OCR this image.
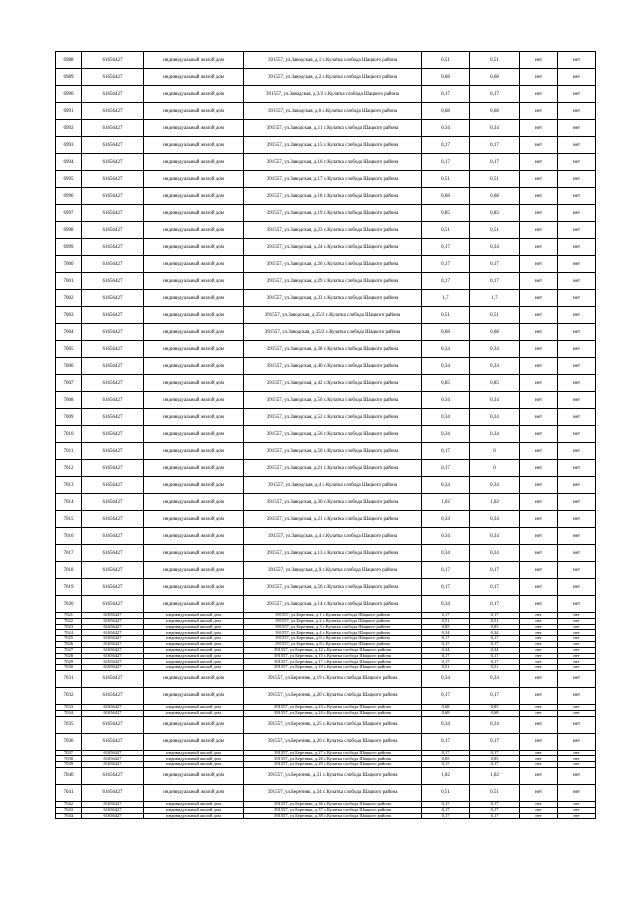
6988	61656427	индивидуальный жилой дом	391557, ул.Заводская, д.1 с.Кулатка слобода Шацкого района	0,51	0,51	нет	нет
6989	61656427	индивидуальный жилой дом	391557, ул.Заводская, д.2 с.Кулатка слобода Шацкого района	0,68	0,68	нет	нет
6990	61656427	индивидуальный жилой дом	391557, ул.Заводская, д.3/2 с.Кулатка слобода Шацкого района	0,17	0,17	нет	нет
6991	61656427	индивидуальный жилой дом	391557, ул.Заводская, д.6 с.Кулатка слобода Шацкого района	0,68	0,68	нет	нет
6992	61656427	индивидуальный жилой дом	391557, ул.Заводская, д.11 с.Кулатка слобода Шацкого района	0,34	0,34	нет	нет
6993	61656427	индивидуальный жилой дом	391557, ул.Заводская, д.15 с.Кулатка слобода Шацкого района	0,17	0,17	нет	нет
6994	61656427	индивидуальный жилой дом	391557, ул.Заводская, д.16 с.Кулатка слобода Шацкого района	0,17	0,17	нет	нет
6995	61656427	индивидуальный жилой дом	391557, ул.Заводская, д.17 с.Кулатка слобода Шацкого района	0,51	0,51	нет	нет
6996	61656427	индивидуальный жилой дом	391557, ул.Заводская, д.18 с.Кулатка слобода Шацкого района	0,68	0,68	нет	нет
6997	61656427	индивидуальный жилой дом	391557, ул.Заводская, д.19 с.Кулатка слобода Шацкого района	0,85	0,85	нет	нет
6998	61656427	индивидуальный жилой дом	391557, ул.Заводская, д.23 с.Кулатка слобода Шацкого района	0,51	0,51	нет	нет
6999	61656427	индивидуальный жилой дом	391557, ул.Заводская, д.24 с.Кулатка слобода Шацкого района	0,17	0,34	нет	нет
7000	61656427	индивидуальный жилой дом	391557, ул.Заводская, д.26 с.Кулатка слобода Шацкого района	0,17	0,17	нет	нет
7001	61656427	индивидуальный жилой дом	391557, ул.Заводская, д.29 с.Кулатка слобода Шацкого района	0,17	0,17	нет	нет
7002	61656427	индивидуальный жилой дом	391557, ул.Заводская, д.33 с.Кулатка слобода Шацкого района	1,7	1,7	нет	нет
7003	61656427	индивидуальный жилой дом	391557, ул.Заводская, д.35/3 с.Кулатка слобода Шацкого района	0,51	0,51	нет	нет
7004	61656427	индивидуальный жилой дом	391557, ул.Заводская, д.35/2 с.Кулатка слобода Шацкого района	0,68	0,68	нет	нет
7005	61656427	индивидуальный жилой дом	391557, ул.Заводская, д.38 с.Кулатка слобода Шацкого района	0,34	0,34	нет	нет
7006	61656427	индивидуальный жилой дом	391557, ул.Заводская, д.40 с.Кулатка слобода Шацкого района	0,34	0,34	нет	нет
7007	61656427	индивидуальный жилой дом	391557, ул.Заводская, д.42 с.Кулатка слобода Шацкого района	0,85	0,85	нет	нет
7008	61656427	индивидуальный жилой дом	391557, ул.Заводская, д.50 с.Кулатка слобода Шацкого района	0,34	0,34	нет	нет
7009	61656427	индивидуальный жилой дом	391557, ул.Заводская, д.52 с.Кулатка слобода Шацкого района	0,34	0,34	нет	нет
7010	61656427	индивидуальный жилой дом	391557, ул.Заводская, д.56 с.Кулатка слобода Шацкого района	0,34	0,34	нет	нет
7011	61656427	индивидуальный жилой дом	391557, ул.Заводская, д.50 с.Кулатка слобода Шацкого района	0,17	0	нет	нет
7012	61656427	индивидуальный жилой дом	391557, ул.Заводская, д.21 с.Кулатка слобода Шацкого района	0,17	0	нет	нет
7013	61656427	индивидуальный жилой дом	391557, ул.Заводская, д.4 с.Кулатка слобода Шацкого района	0,34	0,34	нет	нет
7014	61656427	индивидуальный жилой дом	391557, ул.Заводская, д.30 с.Кулатка слобода Шацкого района	1,02	1,02	нет	нет
7015	61656427	индивидуальный жилой дом	391557, ул.Заводская, д.21 с.Кулатка слобода Шацкого района	0,34	0,34	нет	нет
7016	61656427	индивидуальный жилой дом	391557, ул.Заводская, д.4 с.Кулатка слобода Шацкого района	0,34	0,34	нет	нет
7017	61656427	индивидуальный жилой дом	391557, ул.Заводская, д.13 с.Кулатка слобода Шацкого района	0,34	0,34	нет	нет
7018	61656427	индивидуальный жилой дом	391557, ул.Заводская, д.9 с.Кулатка слобода Шацкого района	0,17	0,17	нет	нет
7019	61656427	индивидуальный жилой дом	391557, ул.Заводская, д.56 с.Кулатка слобода Шацкого района	0,17	0,17	нет	нет
7020	61656427	индивидуальный жилой дом	391557, ул.Заводская, д.14 с.Кулатка слобода Шацкого района	0,34	0,17	нет	нет
7021	61656427	индивидуальный жилой дом	391557, ул.Березняк, д.1 с.Кулатка слобода Шацкого района	0,17	0,17	нет	нет
7022	61656427	индивидуальный жилой дом	391557, ул.Березняк, д.2 с.Кулатка слобода Шацкого района	0,51	0,51	нет	нет
7023	61656427	индивидуальный жилой дом	391557, ул.Березняк, д.3 с.Кулатка слобода Шацкого района	0,85	0,85	нет	нет
7024	61656427	индивидуальный жилой дом	391557, ул.Березняк, д.4 с.Кулатка слобода Шацкого района	0,34	0,34	нет	нет
7025	61656427	индивидуальный жилой дом	391557, ул.Березняк, д.6 с.Кулатка слобода Шацкого района	0,17	0,17	нет	нет
7026	61656427	индивидуальный жилой дом	391557, ул.Березняк, д.8 с.Кулатка слобода Шацкого района	0,17	0,17	нет	нет
7027	61656427	индивидуальный жилой дом	391557, ул.Березняк, д.12 с.Кулатка слобода Шацкого района	0,34	0,34	нет	нет
7028	61656427	индивидуальный жилой дом	391557, ул.Березняк, д.15 с.Кулатка слобода Шацкого района	0,17	0,17	нет	нет
7029	61656427	индивидуальный жилой дом	391557, ул.Березняк, д.17 с.Кулатка слобода Шацкого района	0,17	0,17	нет	нет
7030	61656427	индивидуальный жилой дом	391557, ул.Березняк, д.19 с.Кулатка слобода Шацкого района	0,51	0,51	нет	нет
7031	61656427	индивидуальный жилой дом	391557, ул.Березняк, д.19 с.Кулатка слобода Шацкого района	0,34	0,34	нет	нет
7032	61656427	индивидуальный жилой дом	391557, ул.Березняк, д.20 с.Кулатка слобода Шацкого района	0,17	0,17	нет	нет
7033	61656427	индивидуальный жилой дом	391557, ул.Березняк, д.23 с.Кулатка слобода Шацкого района	0,68	0,85	нет	нет
7034	61656427	индивидуальный жилой дом	391557, ул.Березняк, д.24 с.Кулатка слобода Шацкого района	0,68	0,68	нет	нет
7035	61656427	индивидуальный жилой дом	391557, ул.Березняк, д.25 с.Кулатка слобода Шацкого района	0,34	0,34	нет	нет
7036	61656427	индивидуальный жилой дом	391557, ул.Березняк, д.26 с.Кулатка слобода Шацкого района	0,17	0,17	нет	нет
7037	61656427	индивидуальный жилой дом	391557, ул.Березняк, д.27 с.Кулатка слобода Шацкого района	0,17	0,17	нет	нет
7038	61656427	индивидуальный жилой дом	391557, ул.Березняк, д.28 с.Кулатка слобода Шацкого района	0,85	0,85	нет	нет
7039	61656427	индивидуальный жилой дом	391557, ул.Березняк, д.29 с.Кулатка слобода Шацкого района	0,17	0,17	нет	нет
7040	61656427	индивидуальный жилой дом	391557, ул.Березняк, д.31 с.Кулатка слобода Шацкого района	1,02	1,02	нет	нет
7041	61656427	индивидуальный жилой дом	391557, ул.Березняк, д.34 с.Кулатка слобода Шацкого района	0,51	0,51	нет	нет
7042	61656427	индивидуальный жилой дом	391557, ул.Березняк, д.36 с.Кулатка слобода Шацкого района	0,17	0,17	нет	нет
7043	61656427	индивидуальный жилой дом	391557, ул.Березняк, д.37 с.Кулатка слобода Шацкого района	0,17	0,17	нет	нет
7044	61656427	индивидуальный жилой дом	391557, ул.Березняк, д.38 с.Кулатка слобода Шацкого района	0,17	0,17	нет	нет
